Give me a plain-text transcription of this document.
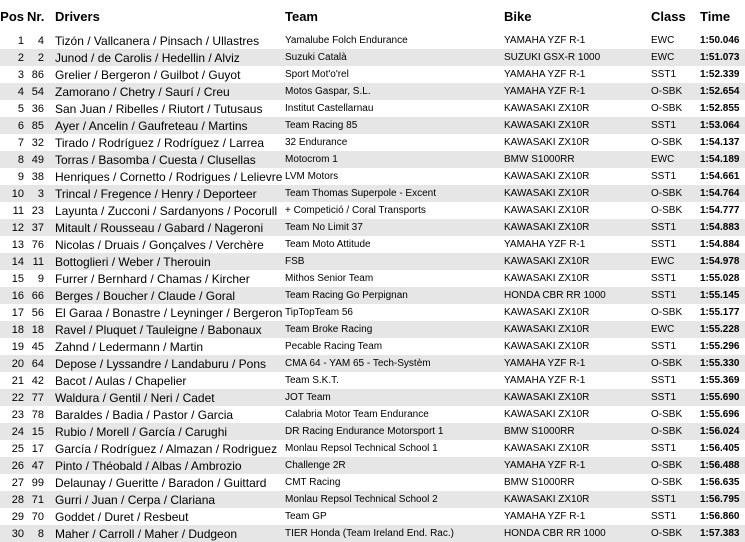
Pos	Nr.	Drivers	Team	Bike	Class	Time
1	4	Tizón / Vallcanera / Pinsach / Ullastres	Yamalube Folch Endurance	YAMAHA YZF R-1	EWC	1:50.046
2	2	Junod / de Carolis / Hedellin / Alviz	Suzuki Català	SUZUKI GSX-R 1000	EWC	1:51.073
3	86	Grelier / Bergeron / Guilbot / Guyot	Sport Mot'o'rel	YAMAHA YZF R-1	SST1	1:52.339
4	54	Zamorano / Chetry / Saurí / Creu	Motos Gaspar, S.L.	YAMAHA YZF R-1	O-SBK	1:52.654
5	36	San Juan / Ribelles / Riutort / Tutusaus	Institut Castellarnau	KAWASAKI ZX10R	O-SBK	1:52.855
6	85	Ayer / Ancelin / Gaufreteau / Martins	Team Racing 85	KAWASAKI ZX10R	SST1	1:53.064
7	32	Tirado / Rodríguez / Rodríguez / Larrea	32 Endurance	KAWASAKI ZX10R	O-SBK	1:54.137
8	49	Torras / Basomba / Cuesta / Clusellas	Motocrom 1	BMW S1000RR	EWC	1:54.189
9	38	Henriques / Cornetto / Rodrigues / Lelievre	LVM Motors	KAWASAKI ZX10R	SST1	1:54.661
10	3	Trincal / Fregence / Henry / Deporteer	Team Thomas Superpole - Excent	KAWASAKI ZX10R	O-SBK	1:54.764
11	23	Layunta / Zucconi / Sardanyons / Pocorull	+ Competició / Coral Transports	KAWASAKI ZX10R	O-SBK	1:54.777
12	37	Mitault / Rousseau / Gabard / Nageroni	Team No Limit 37	KAWASAKI ZX10R	SST1	1:54.883
13	76	Nicolas / Druais / Gonçalves / Verchère	Team Moto Attitude	YAMAHA YZF R-1	SST1	1:54.884
14	11	Bottoglieri / Weber / Therouin	FSB	KAWASAKI ZX10R	EWC	1:54.978
15	9	Furrer / Bernhard / Chamas / Kircher	Mithos Senior Team	KAWASAKI ZX10R	SST1	1:55.028
16	66	Berges / Boucher / Claude / Goral	Team Racing Go Perpignan	HONDA CBR RR 1000	SST1	1:55.145
17	56	El Garaa / Bonastre / Leyninger / Bergeron	TipTopTeam 56	KAWASAKI ZX10R	O-SBK	1:55.177
18	18	Ravel / Pluquet / Tauleigne / Babonaux	Team Broke Racing	KAWASAKI ZX10R	EWC	1:55.228
19	45	Zahnd / Ledermann / Martin	Pecable Racing Team	KAWASAKI ZX10R	SST1	1:55.296
20	64	Depose / Lyssandre / Landaburu / Pons	CMA 64 - YAM 65 - Tech-Systèm	YAMAHA YZF R-1	O-SBK	1:55.330
21	42	Bacot / Aulas / Chapelier	Team S.K.T.	YAMAHA YZF R-1	SST1	1:55.369
22	77	Waldura / Gentil / Neri / Cadet	JOT Team	KAWASAKI ZX10R	SST1	1:55.690
23	78	Baraldes / Badia / Pastor / Garcia	Calabria Motor Team Endurance	KAWASAKI ZX10R	O-SBK	1:55.696
24	15	Rubio / Morell / García / Carughi	DR Racing Endurance Motorsport 1	BMW S1000RR	O-SBK	1:56.024
25	17	García / Rodríguez / Almazan / Rodriguez	Monlau Repsol Technical School 1	KAWASAKI ZX10R	SST1	1:56.405
26	47	Pinto / Théobald / Albas / Ambrozio	Challenge 2R	YAMAHA YZF R-1	O-SBK	1:56.488
27	99	Delaunay / Gueritte / Baradon / Guittard	CMT Racing	BMW S1000RR	O-SBK	1:56.635
28	71	Gurri / Juan / Cerpa / Clariana	Monlau Repsol Technical School 2	KAWASAKI ZX10R	SST1	1:56.795
29	70	Goddet / Duret / Resbeut	Team GP	YAMAHA YZF R-1	SST1	1:56.860
30	8	Maher / Carroll / Maher / Dudgeon	TIER Honda (Team Ireland End. Rac.)	HONDA CBR RR 1000	O-SBK	1:57.383
